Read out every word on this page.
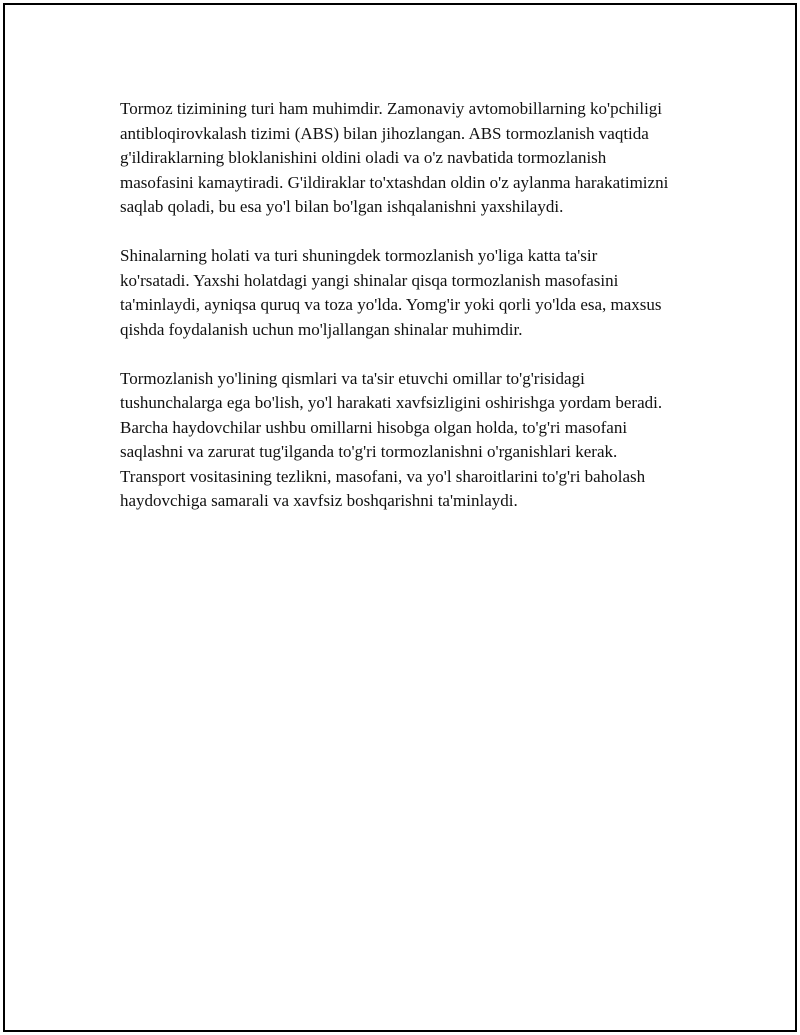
Tormoz tizimining turi ham muhimdir. Zamonaviy avtomobillarning ko'pchiligi antibloqirovkalash tizimi (ABS) bilan jihozlangan. ABS tormozlanish vaqtida g'ildiraklarning bloklanishini oldini oladi va o'z navbatida tormozlanish masofasini kamaytiradi. G'ildiraklar to'xtashdan oldin o'z aylanma harakatimizni saqlab qoladi, bu esa yo'l bilan bo'lgan ishqalanishni yaxshilaydi.

Shinalarning holati va turi shuningdek tormozlanish yo'liga katta ta'sir ko'rsatadi. Yaxshi holatdagi yangi shinalar qisqa tormozlanish masofasini ta'minlaydi, ayniqsa quruq va toza yo'lda. Yomg'ir yoki qorli yo'lda esa, maxsus qishda foydalanish uchun mo'ljallangan shinalar muhimdir.

Tormozlanish yo'lining qismlari va ta'sir etuvchi omillar to'g'risidagi tushunchalarga ega bo'lish, yo'l harakati xavfsizligini oshirishga yordam beradi. Barcha haydovchilar ushbu omillarni hisobga olgan holda, to'g'ri masofani saqlashni va zarurat tug'ilganda to'g'ri tormozlanishni o'rganishlari kerak. Transport vositasining tezlikni, masofani, va yo'l sharoitlarini to'g'ri baholash haydovchiga samarali va xavfsiz boshqarishni ta'minlaydi.
